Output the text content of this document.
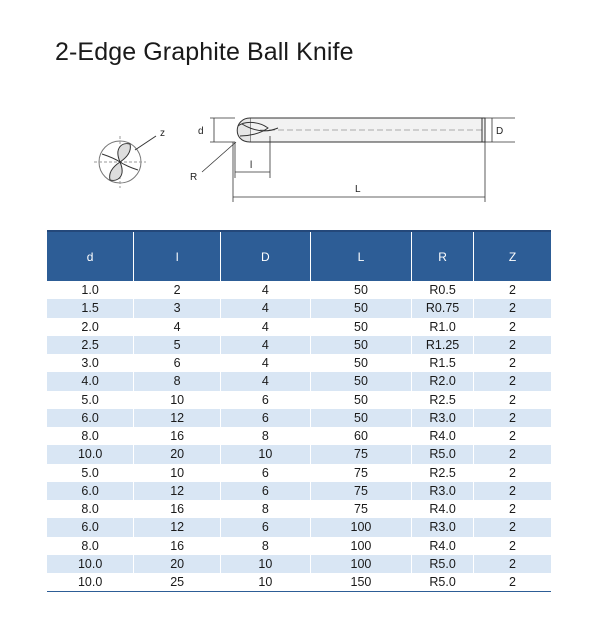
2-Edge Graphite Ball Knife
z	d	D
R
l
L
d	l	D	L	R	Z
1.0	2	4	50	R0.5	2
1.5	3	4	50	R0.75	2
2.0	4	4	50	R1.0	2
2.5	5	4	50	R1.25	2
3.0	6	4	50	R1.5	2
4.0	8	4	50	R2.0	2
5.0	10	6	50	R2.5	2
6.0	12	6	50	R3.0	2
8.0	16	8	60	R4.0	2
10.0	20	10	75	R5.0	2
5.0	10	6	75	R2.5	2
6.0	12	6	75	R3.0	2
8.0	16	8	75	R4.0	2
6.0	12	6	100	R3.0	2
8.0	16	8	100	R4.0	2
10.0	20	10	100	R5.0	2
10.0	25	10	150	R5.0	2
